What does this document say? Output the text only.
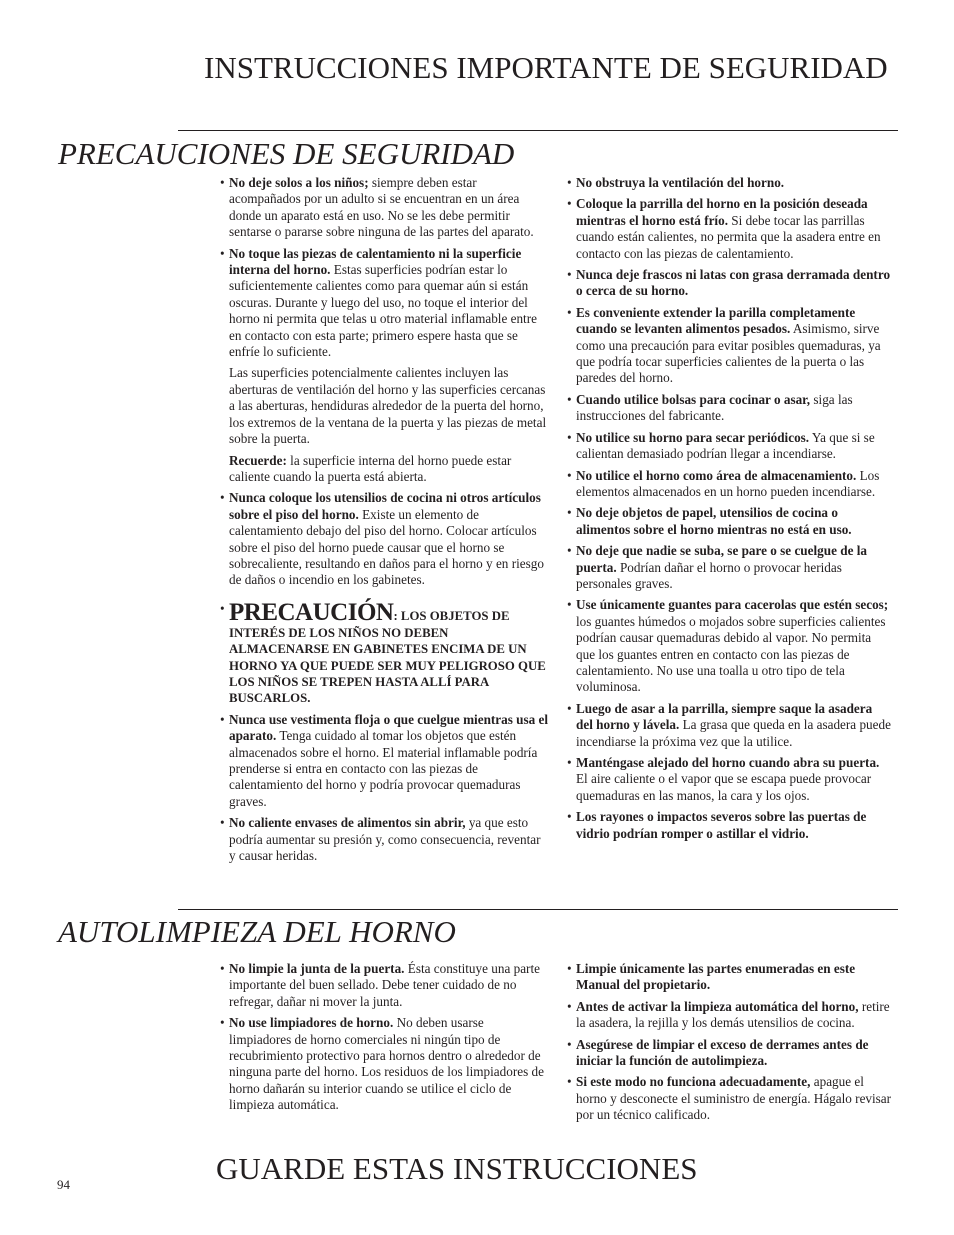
INSTRUCCIONES IMPORTANTE DE SEGURIDAD
PRECAUCIONES DE SEGURIDAD

• No deje solos a los niños; siempre deben estar acompañados por un adulto si se encuentran en un área donde un aparato está en uso. No se les debe permitir sentarse o pararse sobre ninguna de las partes del aparato.

• No toque las piezas de calentamiento ni la superficie interna del horno. Estas superficies podrían estar lo suficientemente calientes como para quemar aún si están oscuras. Durante y luego del uso, no toque el interior del horno ni permita que telas u otro material inflamable entre en contacto con esta parte; primero espere hasta que se enfríe lo suficiente.

Las superficies potencialmente calientes incluyen las aberturas de ventilación del horno y las superficies cercanas a las aberturas, hendiduras alrededor de la puerta del horno, los extremos de la ventana de la puerta y las piezas de metal sobre la puerta.

Recuerde: la superficie interna del horno puede estar caliente cuando la puerta está abierta.

• Nunca coloque los utensilios de cocina ni otros artículos sobre el piso del horno. Existe un elemento de calentamiento debajo del piso del horno. Colocar artículos sobre el piso del horno puede causar que el horno se sobrecaliente, resultando en daños para el horno y en riesgo de daños o incendio en los gabinetes.

• PRECAUCIÓN: LOS OBJETOS DE INTERÉS DE LOS NIÑOS NO DEBEN ALMACENARSE EN GABINETES ENCIMA DE UN HORNO YA QUE PUEDE SER MUY PELIGROSO QUE LOS NIÑOS SE TREPEN HASTA ALLÍ PARA BUSCARLOS.

• Nunca use vestimenta floja o que cuelgue mientras usa el aparato. Tenga cuidado al tomar los objetos que estén almacenados sobre el horno. El material inflamable podría prenderse si entra en contacto con las piezas de calentamiento del horno y podría provocar quemaduras graves.

• No caliente envases de alimentos sin abrir, ya que esto podría aumentar su presión y, como consecuencia, reventar y causar heridas.

• No obstruya la ventilación del horno.

• Coloque la parrilla del horno en la posición deseada mientras el horno está frío. Si debe tocar las parrillas cuando están calientes, no permita que la asadera entre en contacto con las piezas de calentamiento.

• Nunca deje frascos ni latas con grasa derramada dentro o cerca de su horno.

• Es conveniente extender la parilla completamente cuando se levanten alimentos pesados. Asimismo, sirve como una precaución para evitar posibles quemaduras, ya que podría tocar superficies calientes de la puerta o las paredes del horno.

• Cuando utilice bolsas para cocinar o asar, siga las instrucciones del fabricante.

• No utilice su horno para secar periódicos. Ya que si se calientan demasiado podrían llegar a incendiarse.

• No utilice el horno como área de almacenamiento. Los elementos almacenados en un horno pueden incendiarse.

• No deje objetos de papel, utensilios de cocina o alimentos sobre el horno mientras no está en uso.

• No deje que nadie se suba, se pare o se cuelgue de la puerta. Podrían dañar el horno o provocar heridas personales graves.

• Use únicamente guantes para cacerolas que estén secos; los guantes húmedos o mojados sobre superficies calientes podrían causar quemaduras debido al vapor. No permita que los guantes entren en contacto con las piezas de calentamiento. No use una toalla u otro tipo de tela voluminosa.

• Luego de asar a la parrilla, siempre saque la asadera del horno y lávela. La grasa que queda en la asadera puede incendiarse la próxima vez que la utilice.

• Manténgase alejado del horno cuando abra su puerta. El aire caliente o el vapor que se escapa puede provocar quemaduras en las manos, la cara y los ojos.

• Los rayones o impactos severos sobre las puertas de vidrio podrían romper o astillar el vidrio.

AUTOLIMPIEZA DEL HORNO

• No limpie la junta de la puerta. Ésta constituye una parte importante del buen sellado. Debe tener cuidado de no refregar, dañar ni mover la junta.

• No use limpiadores de horno. No deben usarse limpiadores de horno comerciales ni ningún tipo de recubrimiento protectivo para hornos dentro o alrededor de ninguna parte del horno. Los residuos de los limpiadores de horno dañarán su interior cuando se utilice el ciclo de limpieza automática.

• Limpie únicamente las partes enumeradas en este Manual del propietario.

• Antes de activar la limpieza automática del horno, retire la asadera, la rejilla y los demás utensilios de cocina.

• Asegúrese de limpiar el exceso de derrames antes de iniciar la función de autolimpieza.

• Si este modo no funciona adecuadamente, apague el horno y desconecte el suministro de energía. Hágalo revisar por un técnico calificado.

GUARDE ESTAS INSTRUCCIONES
94
